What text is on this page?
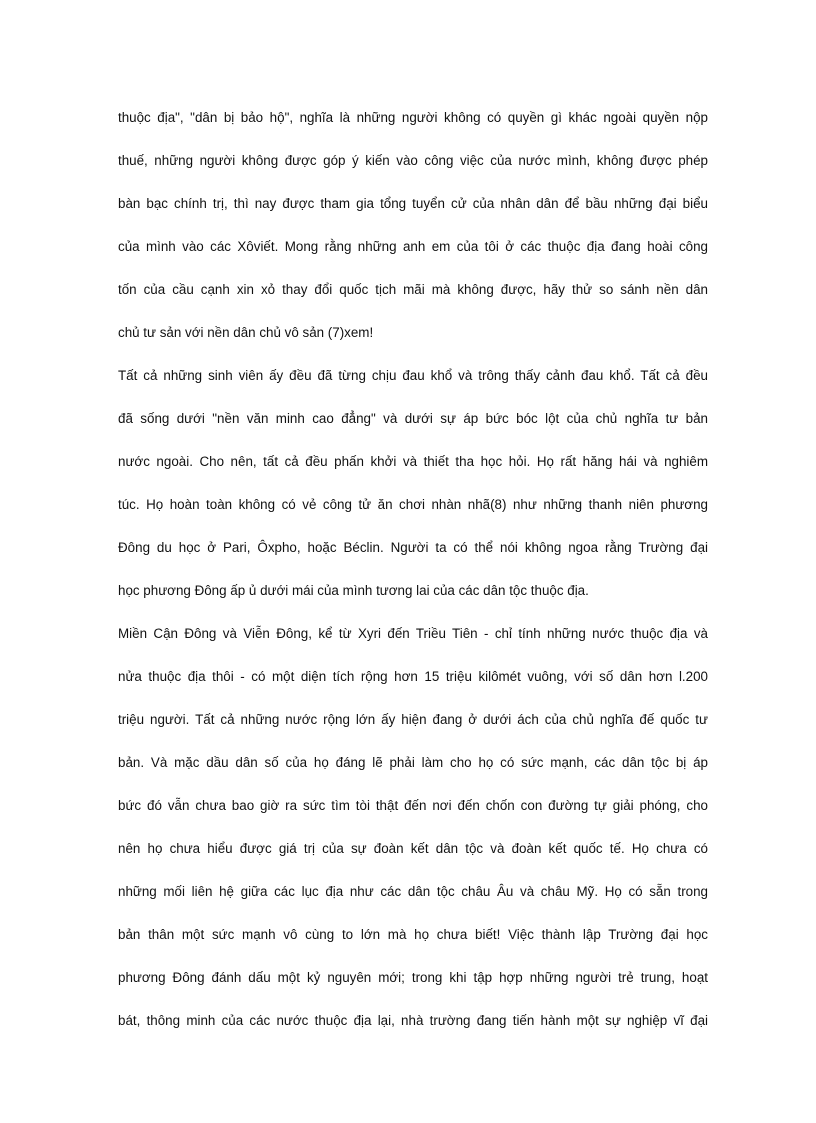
thuộc địa", "dân bị bảo hộ", nghĩa là những người không có quyền gì khác ngoài quyền nộp
thuế, những người không được góp ý kiến vào công việc của nước mình, không được phép
bàn bạc chính trị, thì nay được tham gia tổng tuyển cử của nhân dân để bầu những đại biểu
của mình vào các Xôviết. Mong rằng những anh em của tôi ở các thuộc địa đang hoài công
tốn của cầu cạnh xin xỏ thay đổi quốc tịch mãi mà không được, hãy thử so sánh nền dân
chủ tư sản với nền dân chủ vô sản (7)xem!
Tất cả những sinh viên ấy đều đã từng chịu đau khổ và trông thấy cảnh đau khổ. Tất cả đều
đã sống dưới "nền văn minh cao đẳng" và dưới sự áp bức bóc lột của chủ nghĩa tư bản
nước ngoài. Cho nên, tất cả đều phấn khởi và thiết tha học hỏi. Họ rất hăng hái và nghiêm
túc. Họ hoàn toàn không có vẻ công tử ăn chơi nhàn nhã(8) như những thanh niên phương
Đông du học ở Pari, Ôxpho, hoặc Béclin. Người ta có thể nói không ngoa rằng Trường đại
học phương Đông ấp ủ dưới mái của mình tương lai của các dân tộc thuộc địa.
Miền Cận Đông và Viễn Đông, kể từ Xyri đến Triều Tiên - chỉ tính những nước thuộc địa và
nửa thuộc địa thôi - có một diện tích rộng hơn 15 triệu kilômét vuông, với số dân hơn l.200
triệu người. Tất cả những nước rộng lớn ấy hiện đang ở dưới ách của chủ nghĩa đế quốc tư
bản. Và mặc dầu dân số của họ đáng lẽ phải làm cho họ có sức mạnh, các dân tộc bị áp
bức đó vẫn chưa bao giờ ra sức tìm tòi thật đến nơi đến chốn con đường tự giải phóng, cho
nên họ chưa hiểu được giá trị của sự đoàn kết dân tộc và đoàn kết quốc tế. Họ chưa có
những mối liên hệ giữa các lục địa như các dân tộc châu Âu và châu Mỹ. Họ có sẵn trong
bản thân một sức mạnh vô cùng to lớn mà họ chưa biết! Việc thành lập Trường đại học
phương Đông đánh dấu một kỷ nguyên mới; trong khi tập hợp những người trẻ trung, hoạt
bát, thông minh của các nước thuộc địa lại, nhà trường đang tiến hành một sự nghiệp vĩ đại
